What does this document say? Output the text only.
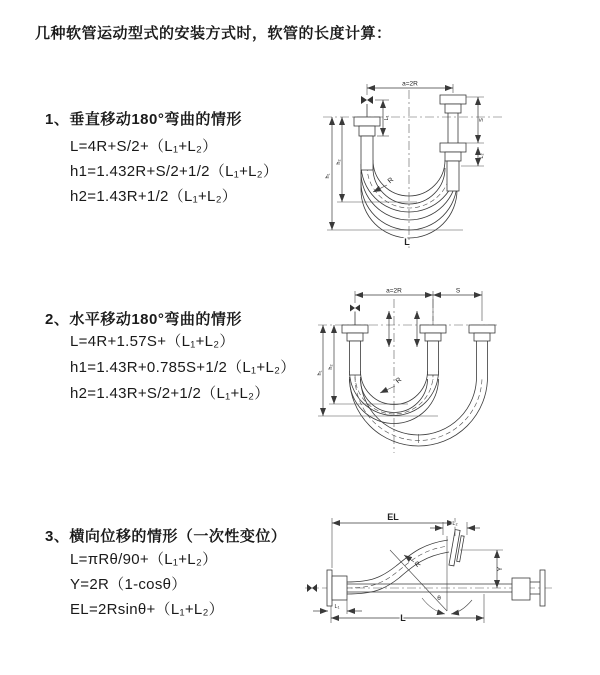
几种软管运动型式的安装方式时，软管的长度计算：
1、垂直移动180°弯曲的情形
L=4R+S/2+（L₁+L₂）
h1=1.432R+S/2+1/2（L₁+L₂）
h2=1.43R+1/2（L₁+L₂）
a=2R
h₁
h₂
L₁	S
L₂
R
L
2、水平移动180°弯曲的情形
L=4R+1.57S+（L₁+L₂）
h1=1.43R+0.785S+1/2（L₁+L₂）
h2=1.43R+S/2+1/2（L₁+L₂）
a=2R	S
h₁
h₂
R
3、横向位移的情形（一次性变位）
L=πRθ/90+（L₁+L₂）
Y=2R（1-cosθ）
EL=2Rsinθ+（L₁+L₂）
θ
EL
L₂
Y
L
L₁
R
